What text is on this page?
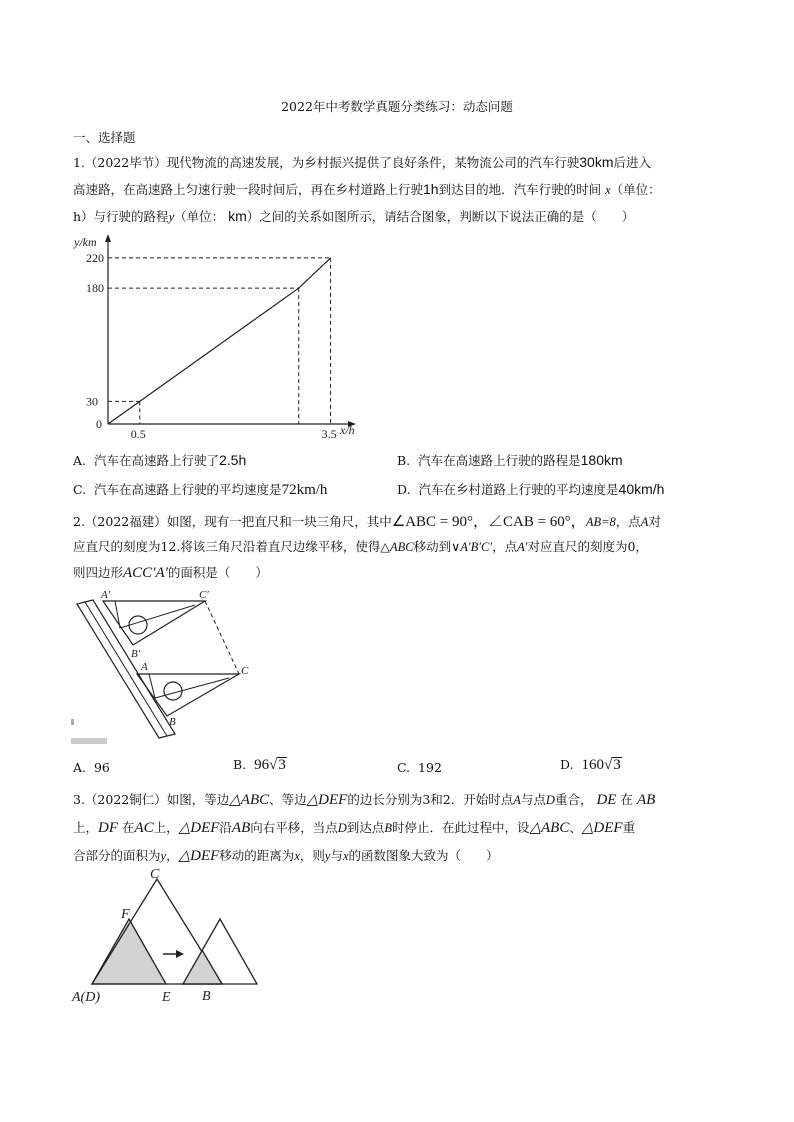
2022年中考数学真题分类练习：动态问题
一、选择题
1.（2022毕节）现代物流的高速发展，为乡村振兴提供了良好条件，某物流公司的汽车行驶30km后进入
高速路，在高速路上匀速行驶一段时间后，再在乡村道路上行驶1h到达目的地．汽车行驶的时间 x（单位：
h）与行驶的路程y（单位： km）之间的关系如图所示，请结合图象，判断以下说法正确的是（　　）
y/km
x/h
0
30
180
220
0.5	3.5
A. 汽车在高速路上行驶了2.5h	B. 汽车在高速路上行驶的路程是180km
C. 汽车在高速路上行驶的平均速度是72km/h	D. 汽车在乡村道路上行驶的平均速度是40km/h
2.（2022福建）如图，现有一把直尺和一块三角尺，其中∠ABC = 90°，∠CAB = 60°，AB=8，点A对
应直尺的刻度为12.将该三角尺沿着直尺边缘平移，使得△ABC移动到∨A′B′C′，点A′对应直尺的刻度为0，
则四边形ACC′A′的面积是（　　）
A′	C′
B′
A	C
B
A. 96	B. 96√3	C. 192	D. 160√3
3.（2022铜仁）如图，等边△ABC、等边△DEF的边长分别为3和2．开始时点A与点D重合， DE 在 AB
上，DF 在AC上，△DEF沿AB向右平移，当点D到达点B时停止．在此过程中，设△ABC、△DEF重
合部分的面积为y，△DEF移动的距离为x，则y与x的函数图象大致为（　　）
C
F
A(D)	E B
